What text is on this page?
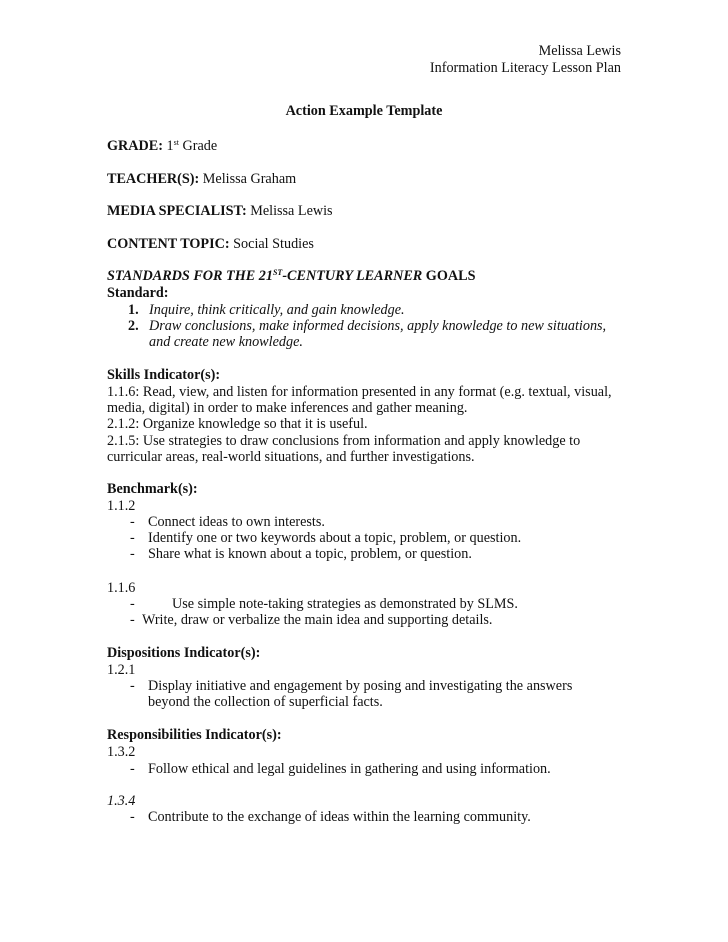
Melissa Lewis
Information Literacy Lesson Plan
Action Example Template
GRADE: 1st Grade
TEACHER(S): Melissa Graham
MEDIA SPECIALIST: Melissa Lewis
CONTENT TOPIC: Social Studies
STANDARDS FOR THE 21ST-CENTURY LEARNER GOALS
Standard:
1. Inquire, think critically, and gain knowledge.
2. Draw conclusions, make informed decisions, apply knowledge to new situations,
and create new knowledge.
Skills Indicator(s):
1.1.6: Read, view, and listen for information presented in any format (e.g. textual, visual,
media, digital) in order to make inferences and gather meaning.
2.1.2: Organize knowledge so that it is useful.
2.1.5: Use strategies to draw conclusions from information and apply knowledge to
curricular areas, real-world situations, and further investigations.
Benchmark(s):
1.1.2
- Connect ideas to own interests.
- Identify one or two keywords about a topic, problem, or question.
- Share what is known about a topic, problem, or question.
1.1.6
-	Use simple note-taking strategies as demonstrated by SLMS.
- Write, draw or verbalize the main idea and supporting details.
Dispositions Indicator(s):
1.2.1
- Display initiative and engagement by posing and investigating the answers
beyond the collection of superficial facts.
Responsibilities Indicator(s):
1.3.2
- Follow ethical and legal guidelines in gathering and using information.
1.3.4
- Contribute to the exchange of ideas within the learning community.
